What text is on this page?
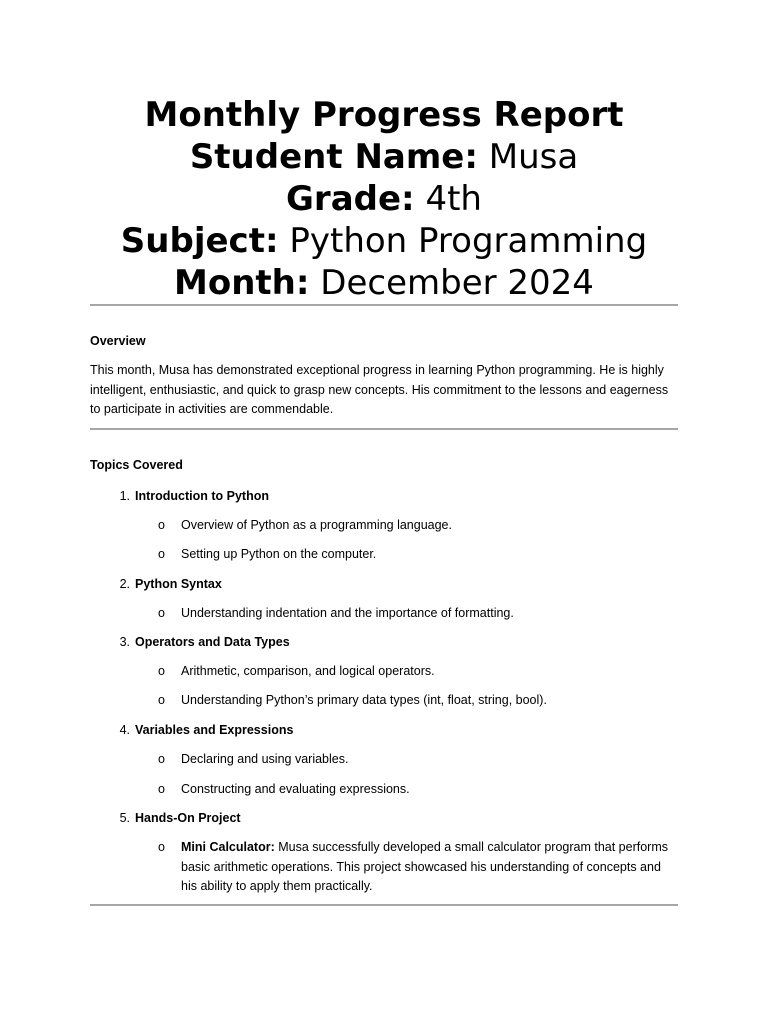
Monthly Progress Report
Student Name: Musa
Grade: 4th
Subject: Python Programming
Month: December 2024
Overview
This month, Musa has demonstrated exceptional progress in learning Python programming. He is highly intelligent, enthusiastic, and quick to grasp new concepts. His commitment to the lessons and eagerness to participate in activities are commendable.
Topics Covered
1. Introduction to Python
o Overview of Python as a programming language.
o Setting up Python on the computer.
2. Python Syntax
o Understanding indentation and the importance of formatting.
3. Operators and Data Types
o Arithmetic, comparison, and logical operators.
o Understanding Python’s primary data types (int, float, string, bool).
4. Variables and Expressions
o Declaring and using variables.
o Constructing and evaluating expressions.
5. Hands-On Project
o Mini Calculator: Musa successfully developed a small calculator program that performs basic arithmetic operations. This project showcased his understanding of concepts and his ability to apply them practically.
